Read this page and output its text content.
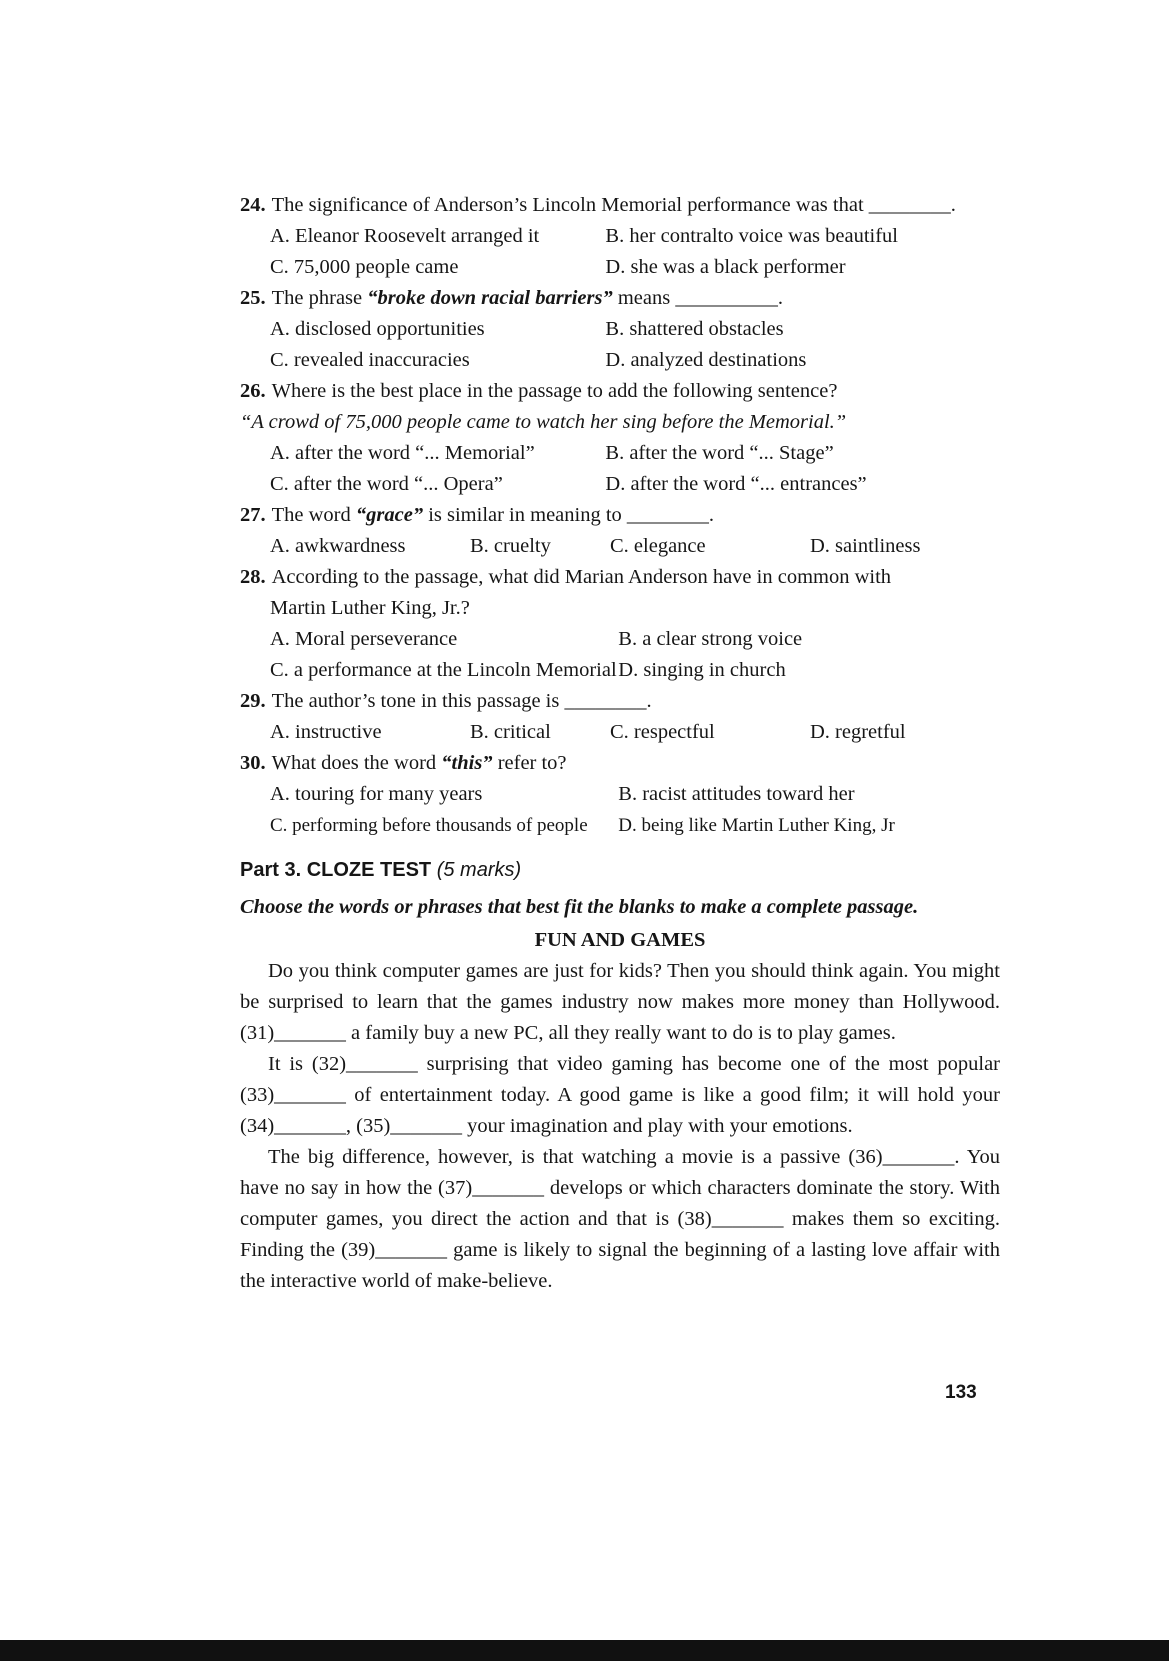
24. The significance of Anderson’s Lincoln Memorial performance was that ________.
A. Eleanor Roosevelt arranged it	B. her contralto voice was beautiful
C. 75,000 people came	D. she was a black performer
25. The phrase “broke down racial barriers” means __________.
A. disclosed opportunities	B. shattered obstacles
C. revealed inaccuracies	D. analyzed destinations
26. Where is the best place in the passage to add the following sentence?
“A crowd of 75,000 people came to watch her sing before the Memorial.”
A. after the word “... Memorial”	B. after the word “... Stage”
C. after the word “... Opera”	D. after the word “... entrances”
27. The word “grace” is similar in meaning to ________.
A. awkwardness	B. cruelty	C. elegance	D. saintliness
28. According to the passage, what did Marian Anderson have in common with
Martin Luther King, Jr.?
A. Moral perseverance	B. a clear strong voice
C. a performance at the Lincoln Memorial D. singing in church
29. The author’s tone in this passage is ________.
A. instructive	B. critical	C. respectful	D. regretful
30. What does the word “this” refer to?
A. touring for many years	B. racist attitudes toward her
C. performing before thousands of people	D. being like Martin Luther King, Jr
Part 3. CLOZE TEST (5 marks)
Choose the words or phrases that best fit the blanks to make a complete passage.
FUN AND GAMES

Do you think computer games are just for kids? Then you should think again. You might be surprised to learn that the games industry now makes more money than Hollywood. (31)_______ a family buy a new PC, all they really want to do is to play games.

It is (32)_______ surprising that video gaming has become one of the most popular (33)_______ of entertainment today. A good game is like a good film; it will hold your (34)_______, (35)_______ your imagination and play with your emotions.

The big difference, however, is that watching a movie is a passive (36)_______. You have no say in how the (37)_______ develops or which characters dominate the story. With computer games, you direct the action and that is (38)_______ makes them so exciting. Finding the (39)_______ game is likely to signal the beginning of a lasting love affair with the interactive world of make-believe.

133
